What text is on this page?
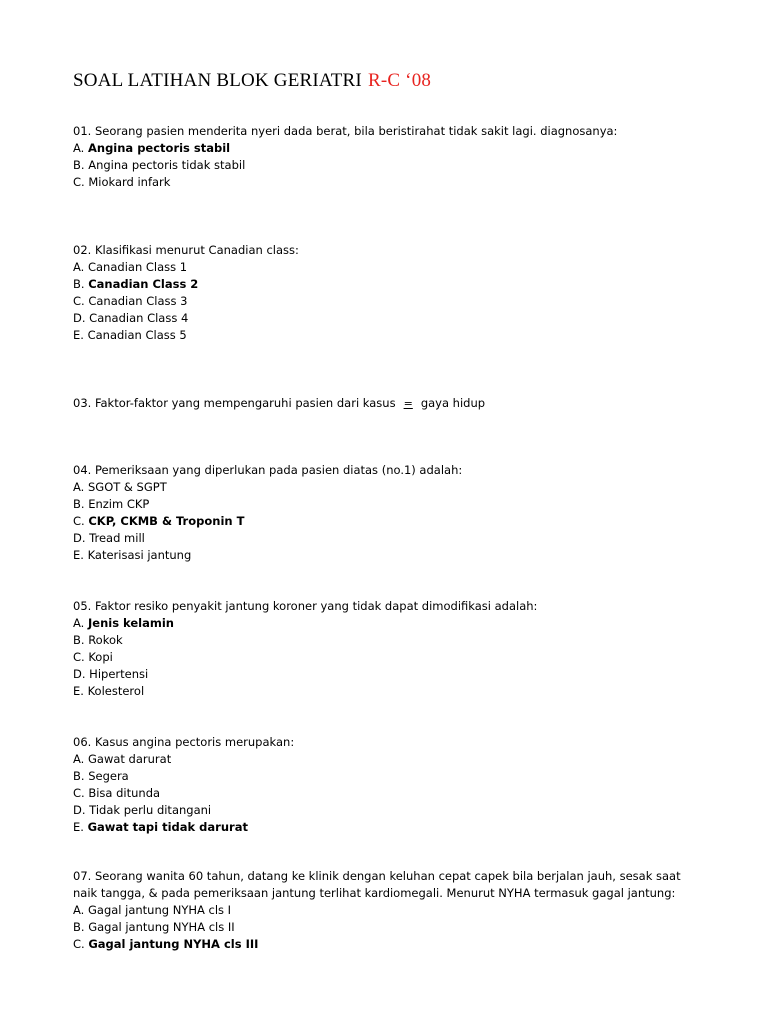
SOAL LATIHAN BLOK GERIATRI R-C ‘08
01. Seorang pasien menderita nyeri dada berat, bila beristirahat tidak sakit lagi. diagnosanya:
A. Angina pectoris stabil
B. Angina pectoris tidak stabil
C. Miokard infark
02. Klasifikasi menurut Canadian class:
A. Canadian Class 1
B. Canadian Class 2
C. Canadian Class 3
D. Canadian Class 4
E. Canadian Class 5
03. Faktor-faktor yang mempengaruhi pasien dari kasus = gaya hidup
04. Pemeriksaan yang diperlukan pada pasien diatas (no.1) adalah:
A. SGOT & SGPT
B. Enzim CKP
C. CKP, CKMB & Troponin T
D. Tread mill
E. Katerisasi jantung
05. Faktor resiko penyakit jantung koroner yang tidak dapat dimodifikasi adalah:
A. Jenis kelamin
B. Rokok
C. Kopi
D. Hipertensi
E. Kolesterol
06. Kasus angina pectoris merupakan:
A. Gawat darurat
B. Segera
C. Bisa ditunda
D. Tidak perlu ditangani
E. Gawat tapi tidak darurat
07. Seorang wanita 60 tahun, datang ke klinik dengan keluhan cepat capek bila berjalan jauh, sesak saat naik tangga, & pada pemeriksaan jantung terlihat kardiomegali. Menurut NYHA termasuk gagal jantung:
A. Gagal jantung NYHA cls I
B. Gagal jantung NYHA cls II
C. Gagal jantung NYHA cls III
